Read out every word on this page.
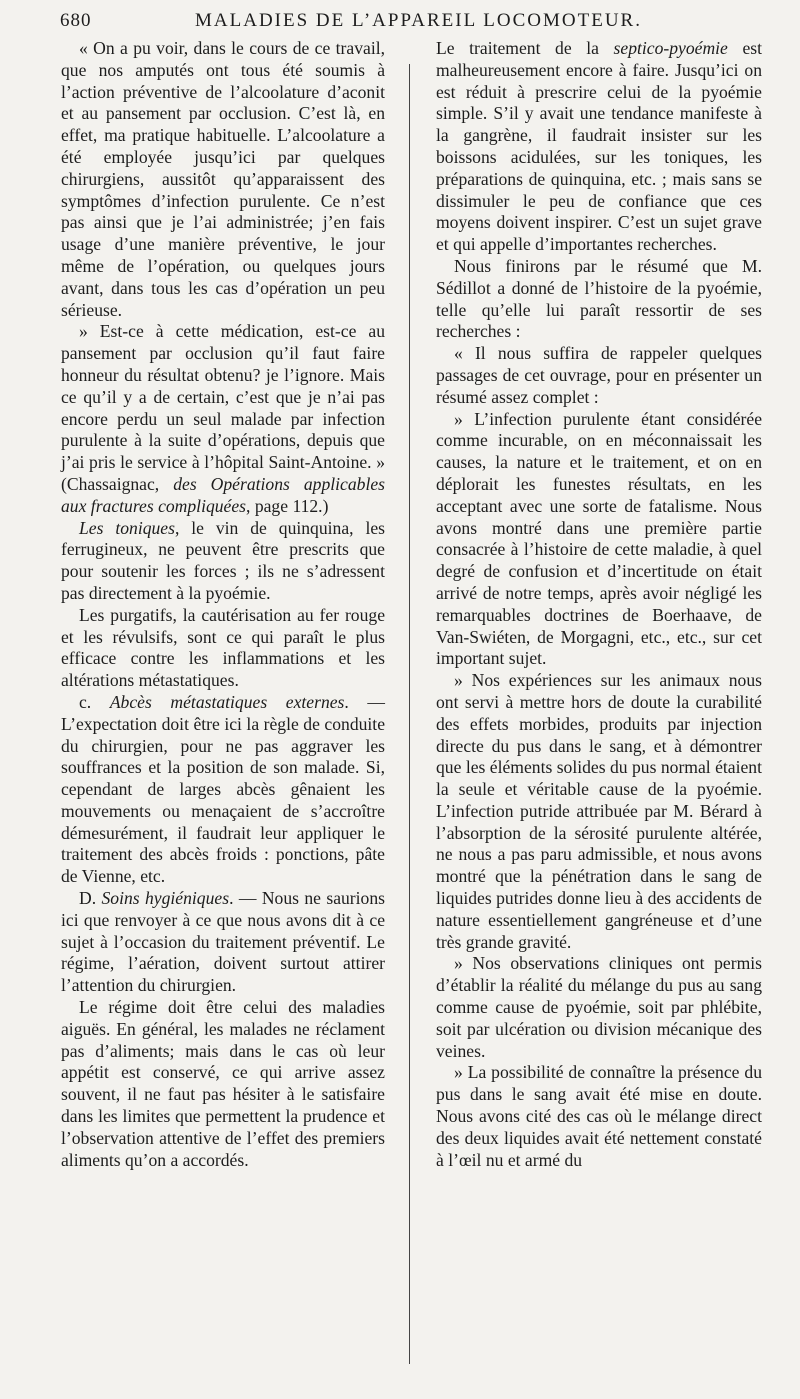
680	MALADIES DE L’APPAREIL LOCOMOTEUR.

« On a pu voir, dans le cours de ce travail, que nos amputés ont tous été soumis à l’action préventive de l’alcoolature d’aconit et au pansement par occlusion. C’est là, en effet, ma pratique habituelle. L’alcoolature a été employée jusqu’ici par quelques chirurgiens, aussitôt qu’apparaissent des symptômes d’infection purulente. Ce n’est pas ainsi que je l’ai administrée; j’en fais usage d’une manière préventive, le jour même de l’opération, ou quelques jours avant, dans tous les cas d’opération un peu sérieuse.

» Est-ce à cette médication, est-ce au pansement par occlusion qu’il faut faire honneur du résultat obtenu? je l’ignore. Mais ce qu’il y a de certain, c’est que je n’ai pas encore perdu un seul malade par infection purulente à la suite d’opérations, depuis que j’ai pris le service à l’hôpital Saint-Antoine. » (Chassaignac, des Opérations applicables aux fractures compliquées, page 112.)

Les toniques, le vin de quinquina, les ferrugineux, ne peuvent être prescrits que pour soutenir les forces ; ils ne s’adressent pas directement à la pyoémie.

Les purgatifs, la cautérisation au fer rouge et les révulsifs, sont ce qui paraît le plus efficace contre les inflammations et les altérations métastatiques.

c. Abcès métastatiques externes. — L’expectation doit être ici la règle de conduite du chirurgien, pour ne pas aggraver les souffrances et la position de son malade. Si, cependant de larges abcès gênaient les mouvements ou menaçaient de s’accroître démesurément, il faudrait leur appliquer le traitement des abcès froids : ponctions, pâte de Vienne, etc.

D. Soins hygiéniques. — Nous ne saurions ici que renvoyer à ce que nous avons dit à ce sujet à l’occasion du traitement préventif. Le régime, l’aération, doivent surtout attirer l’attention du chirurgien.

Le régime doit être celui des maladies aiguës. En général, les malades ne réclament pas d’aliments; mais dans le cas où leur appétit est conservé, ce qui arrive assez souvent, il ne faut pas hésiter à le satisfaire dans les limites que permettent la prudence et l’observation attentive de l’effet des premiers aliments qu’on a accordés.

Le traitement de la septico-pyoémie est malheureusement encore à faire. Jusqu’ici on est réduit à prescrire celui de la pyoémie simple. S’il y avait une tendance manifeste à la gangrène, il faudrait insister sur les boissons acidulées, sur les toniques, les préparations de quinquina, etc. ; mais sans se dissimuler le peu de confiance que ces moyens doivent inspirer. C’est un sujet grave et qui appelle d’importantes recherches.

Nous finirons par le résumé que M. Sédillot a donné de l’histoire de la pyoémie, telle qu’elle lui paraît ressortir de ses recherches :

« Il nous suffira de rappeler quelques passages de cet ouvrage, pour en présenter un résumé assez complet :

» L’infection purulente étant considérée comme incurable, on en méconnaissait les causes, la nature et le traitement, et on en déplorait les funestes résultats, en les acceptant avec une sorte de fatalisme. Nous avons montré dans une première partie consacrée à l’histoire de cette maladie, à quel degré de confusion et d’incertitude on était arrivé de notre temps, après avoir négligé les remarquables doctrines de Boerhaave, de Van-Swiéten, de Morgagni, etc., etc., sur cet important sujet.

» Nos expériences sur les animaux nous ont servi à mettre hors de doute la curabilité des effets morbides, produits par injection directe du pus dans le sang, et à démontrer que les éléments solides du pus normal étaient la seule et véritable cause de la pyoémie. L’infection putride attribuée par M. Bérard à l’absorption de la sérosité purulente altérée, ne nous a pas paru admissible, et nous avons montré que la pénétration dans le sang de liquides putrides donne lieu à des accidents de nature essentiellement gangréneuse et d’une très grande gravité.

» Nos observations cliniques ont permis d’établir la réalité du mélange du pus au sang comme cause de pyoémie, soit par phlébite, soit par ulcération ou division mécanique des veines.

» La possibilité de connaître la présence du pus dans le sang avait été mise en doute. Nous avons cité des cas où le mélange direct des deux liquides avait été nettement constaté à l’œil nu et armé du
